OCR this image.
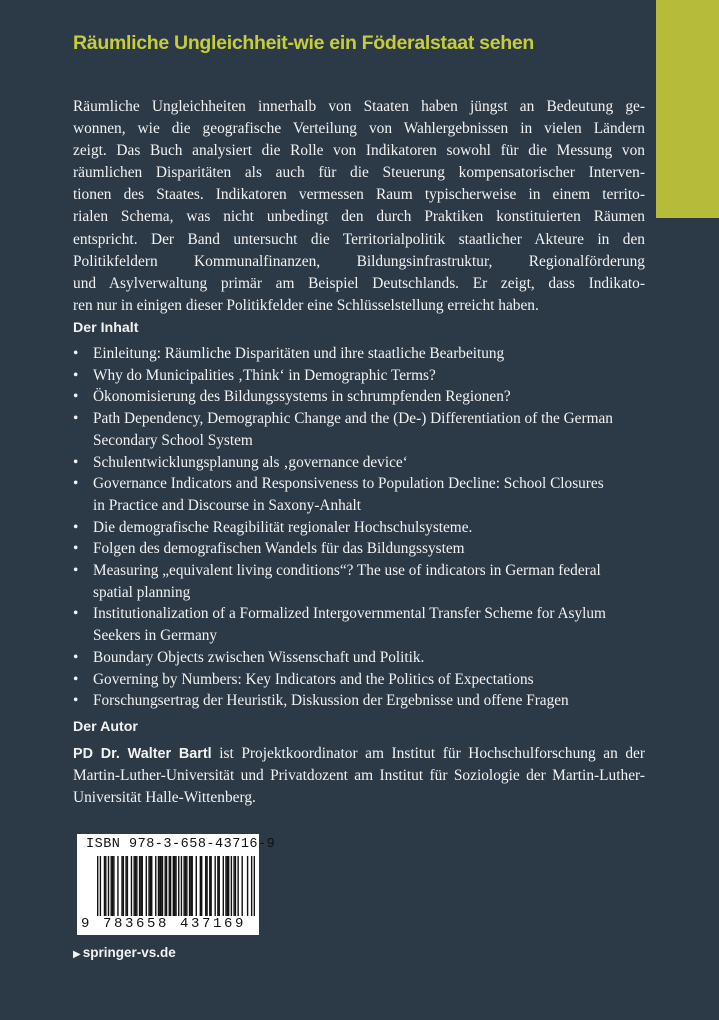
Räumliche Ungleichheit-wie ein Föderalstaat sehen
Räumliche Ungleichheiten innerhalb von Staaten haben jüngst an Bedeutung ge-
wonnen, wie die geografische Verteilung von Wahlergebnissen in vielen Ländern
zeigt. Das Buch analysiert die Rolle von Indikatoren sowohl für die Messung von
räumlichen Disparitäten als auch für die Steuerung kompensatorischer Interven-
tionen des Staates. Indikatoren vermessen Raum typischerweise in einem territo-
rialen Schema, was nicht unbedingt den durch Praktiken konstituierten Räumen
entspricht. Der Band untersucht die Territorialpolitik staatlicher Akteure in den
Politikfeldern Kommunalfinanzen, Bildungsinfrastruktur, Regionalförderung
und Asylverwaltung primär am Beispiel Deutschlands. Er zeigt, dass Indikato-
ren nur in einigen dieser Politikfelder eine Schlüsselstellung erreicht haben.
Der Inhalt
• Einleitung: Räumliche Disparitäten und ihre staatliche Bearbeitung
• Why do Municipalities ‚Think‘ in Demographic Terms?
• Ökonomisierung des Bildungssystems in schrumpfenden Regionen?
• Path Dependency, Demographic Change and the (De-) Differentiation of the German Secondary School System
• Schulentwicklungsplanung als ‚governance device‘
• Governance Indicators and Responsiveness to Population Decline: School Closures in Practice and Discourse in Saxony-Anhalt
• Die demografische Reagibilität regionaler Hochschulsysteme.
• Folgen des demografischen Wandels für das Bildungssystem
• Measuring „equivalent living conditions“? The use of indicators in German federal spatial planning
• Institutionalization of a Formalized Intergovernmental Transfer Scheme for Asylum Seekers in Germany
• Boundary Objects zwischen Wissenschaft und Politik.
• Governing by Numbers: Key Indicators and the Politics of Expectations
• Forschungsertrag der Heuristik, Diskussion der Ergebnisse und offene Fragen
Der Autor
PD Dr. Walter Bartl ist Projektkoordinator am Institut für Hochschulforschung an der Martin-Luther-Universität und Privatdozent am Institut für Soziologie der Martin-Luther-Universität Halle-Wittenberg.
ISBN 978-3-658-43716-9
9 783658 437169
▶ springer-vs.de
